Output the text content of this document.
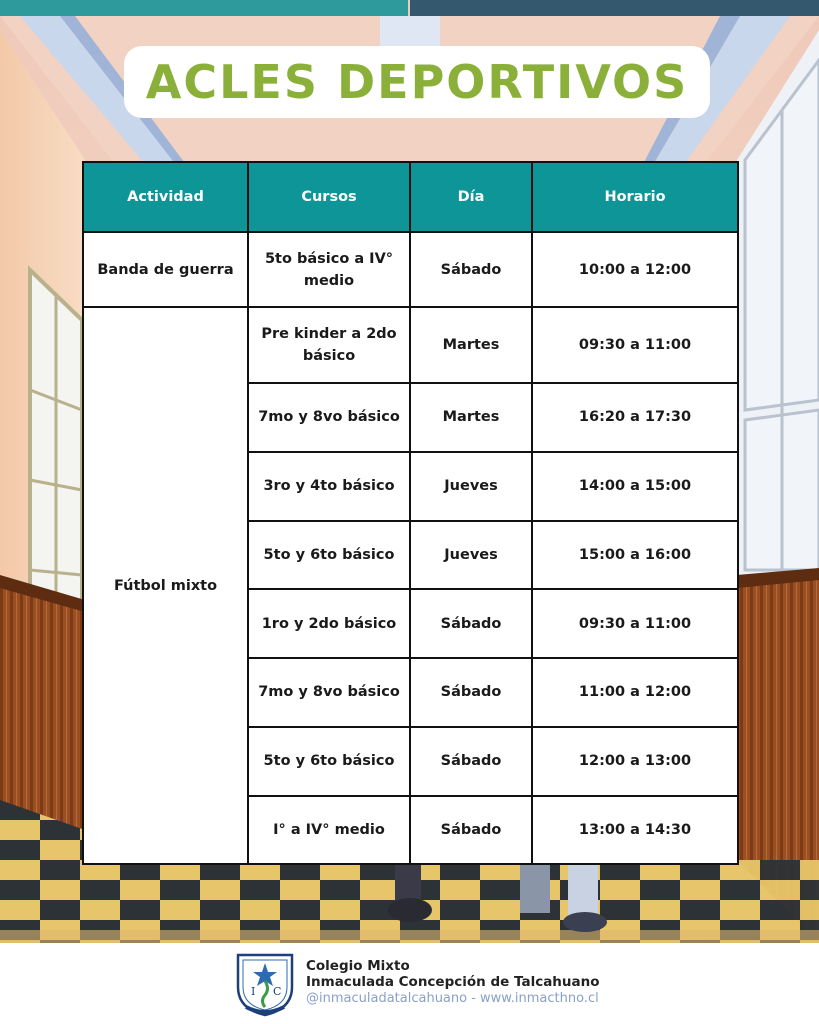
ACLES DEPORTIVOS
Actividad	Cursos	Día	Horario
Banda de guerra	5to básico a IV° medio	Sábado	10:00 a 12:00
Fútbol mixto	Pre kinder a 2do básico	Martes	09:30 a 11:00
	7mo y 8vo básico	Martes	16:20 a 17:30
	3ro y 4to básico	Jueves	14:00 a 15:00
	5to y 6to básico	Jueves	15:00 a 16:00
	1ro y 2do básico	Sábado	09:30 a 11:00
	7mo y 8vo básico	Sábado	11:00 a 12:00
	5to y 6to básico	Sábado	12:00 a 13:00
	I° a IV° medio	Sábado	13:00 a 14:30
I C
Colegio Mixto
Inmaculada Concepción de Talcahuano
@inmaculadatalcahuano - www.inmacthno.cl
